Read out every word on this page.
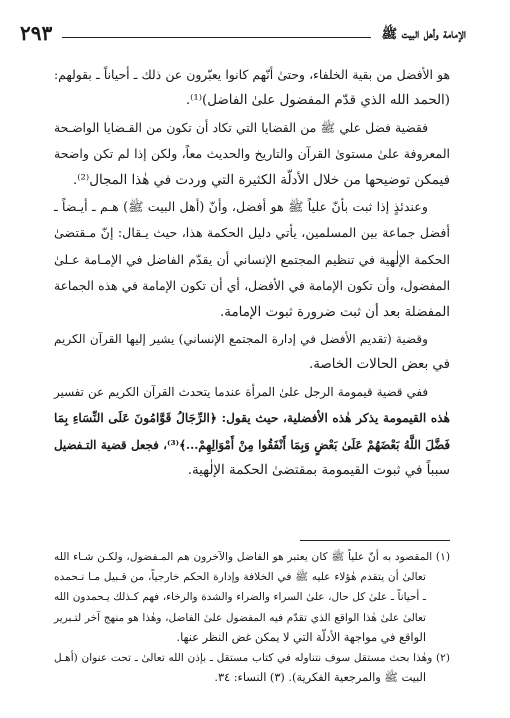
الإمامة وأهل البيت ﷺ
٢٩٣
هو الأفضل من بقية الخلفاء، وحتىٰ أنّهم كانوا يعبّرون عن ذلك ـ أحياناً ـ بقولهم:
(الحمد الله الذي قدّم المفضول علىٰ الفاضل)⁽¹⁾.
فقضية فضل علي ﷺ من القضايا التي تكاد أن تكون من القـضايا الواضـحة
المعروفة علىٰ مستوىٰ القرآن والتاريخ والحديث معاً، ولكن إذا لم تكن واضحة
فيمكن توضيحها من خلال الأدلّة الكثيرة التي وردت في هٰذا المجال⁽²⁾.
وعندئذٍ إذا ثبت بأنّ علياً ﷺ هو أفضل، وأنّ (أهل البيت ﷺ) هـم ـ أيـضاً ـ
أفضل جماعة بين المسلمين، يأتي دليل الحكمة هذا، حيث يـقال: إنّ مـقتضىٰ
الحكمة الإلٰهية في تنظيم المجتمع الإنساني أن يقدّم الفاضل في الإمـامة عـلىٰ
المفضول، وأن تكون الإمامة في الأفضل، أي أن تكون الإمامة في هذه الجماعة
المفضلة بعد أن ثبت ضرورة ثبوت الإمامة.
وقضية (تقديم الأفضل في إدارة المجتمع الإنساني) يشير إليها القرآن الكريم
في بعض الحالات الخاصة.
ففي قضية قيمومة الرجل علىٰ المرأة عندما يتحدث القرآن الكريم عن تفسير
هٰذه القيمومة يذكر هٰذه الأفضلية، حيث يقول: ﴿الرِّجَالُ قَوَّامُونَ عَلَى النِّسَاءِ بِمَا
فَضَّلَ اللَّهُ بَعْضَهُمْ عَلَىٰ بَعْضٍ وَبِمَا أَنْفَقُوا مِنْ أَمْوَالِهِمْ...﴾⁽³⁾، فجعل قضية التـفضيل
سبباً في ثبوت القيمومة بمقتضىٰ الحكمة الإلٰهية.
(١) المقصود به أنّ علياً ﷺ كان يعتبر هو الفاضل والآخرون هم المـفضول، ولكـن شـاء الله
تعالىٰ أن يتقدم هٰؤلاء عليه ﷺ في الخلافة وإدارة الحكم خارجياً، من قـبيل مـا نـحمده
ـ أحياناً ـ علىٰ كل حال، علىٰ السراء والضراء والشدة والرخاء، فهم كـذلك يـحمدون الله
تعالىٰ علىٰ هٰذا الواقع الذي تقدّم فيه المفضول علىٰ الفاضل، وهٰذا هو منهج آخر لتـبرير
الواقع في مواجهة الأدلّة التي لا يمكن غض النظر عنها.
(٢) وهٰذا بحث مستقل سوف نتناوله في كتاب مستقل ـ بإذن الله تعالىٰ ـ تحت عنوان (أهـل
البيت ﷺ والمرجعية الفكرية). (٣) النساء: ٣٤.
